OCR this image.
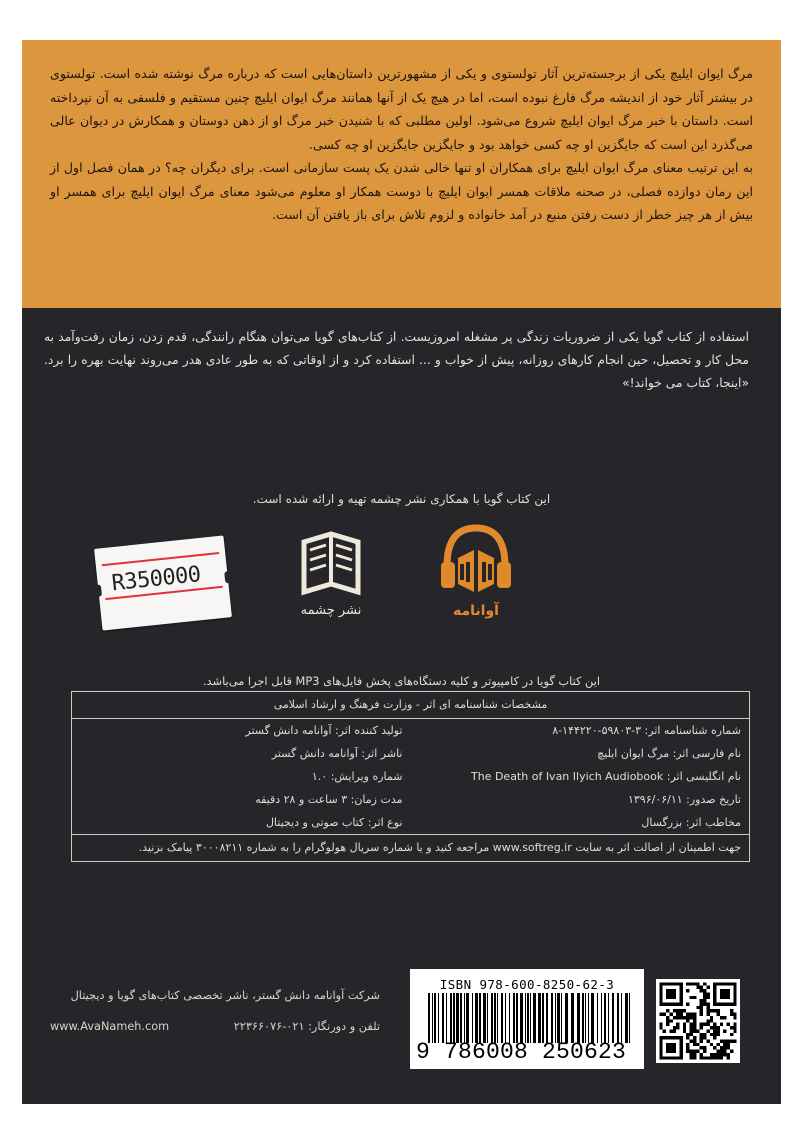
مرگ ایوان ایلیچ یکی از برجسته‌ترین آثار تولستوی و یکی از مشهورترین داستان‌هایی است که درباره مرگ نوشته شده است. تولستوی در بیشتر آثار خود از اندیشه مرگ فارغ نبوده است، اما در هیچ یک از آنها همانند مرگ ایوان ایلیچ چنین مستقیم و فلسفی به آن نپرداخته است. داستان با خبر مرگ ایوان ایلیچ شروع می‌شود. اولین مطلبی که با شنیدن خبر مرگ او از ذهن دوستان و همکارش در دیوان عالی می‌گذرد این است که جایگزین او چه کسی خواهد بود و جایگزین جایگزین او چه کسی.

به این ترتیب معنای مرگ ایوان ایلیچ برای همکاران او تنها خالی شدن یک پست سازمانی است. برای دیگران چه؟ در همان فصل اول از این رمان دوازده فصلی، در صحنه ملاقات همسر ایوان ایلیچ با دوست همکار او معلوم می‌شود معنای مرگ ایوان ایلیچ برای همسر او بیش از هر چیز خطر از دست رفتن منبع در آمد خانواده و لزوم تلاش برای باز یافتن آن است.

استفاده از کتاب گویا یکی از ضروریات زندگی پر مشغله امروزیست. از کتاب‌های گویا می‌توان هنگام رانندگی، قدم زدن، زمان رفت‌وآمد به محل کار و تحصیل، حین انجام کارهای روزانه، پیش از خواب و ... استفاده کرد و از اوقاتی که به طور عادی هدر می‌روند نهایت بهره را برد. «اینجا، کتاب می خواند!»
این کتاب گویا با همکاری نشر چشمه تهیه و ارائه شده است.
آوانامه
نشر چشمه
R350000
این کتاب گویا در کامپیوتر و کلیه دستگاه‌های پخش فایل‌های MP3 قابل اجرا می‌باشد.
مشخصات شناسنامه ای اثر - وزارت فرهنگ و ارشاد اسلامی
شماره شناسنامه اثر: ۳-۵۹۸۰۳-۱۴۴۲۲۰-۸
تولید کننده اثر: آوانامه دانش گستر
نام فارسی اثر: مرگ ایوان ایلیچ
ناشر اثر: آوانامه دانش گستر
نام انگلیسی اثر: The Death of Ivan Ilyich Audiobook
شماره ویرایش: ۱.۰
تاریخ صدور: ۱۳۹۶/۰۶/۱۱
مدت زمان: ۳ ساعت و ۲۸ دقیقه
مخاطب اثر: بزرگسال
نوع اثر: کتاب صوتی و دیجیتال
جهت اطمینان از اصالت اثر به سایت www.softreg.ir مراجعه کنید و یا شماره سریال هولوگرام را به شماره ۳۰۰۰۸۲۱۱ پیامک بزنید.
شرکت آوانامه دانش گستر، ناشر تخصصی کتاب‌های گویا و دیجیتال
www.AvaNameh.com	تلفن و دورنگار: ۰۲۱-۲۲۳۶۶۰۷۶
ISBN 978-600-8250-62-3
9 786008 250623
